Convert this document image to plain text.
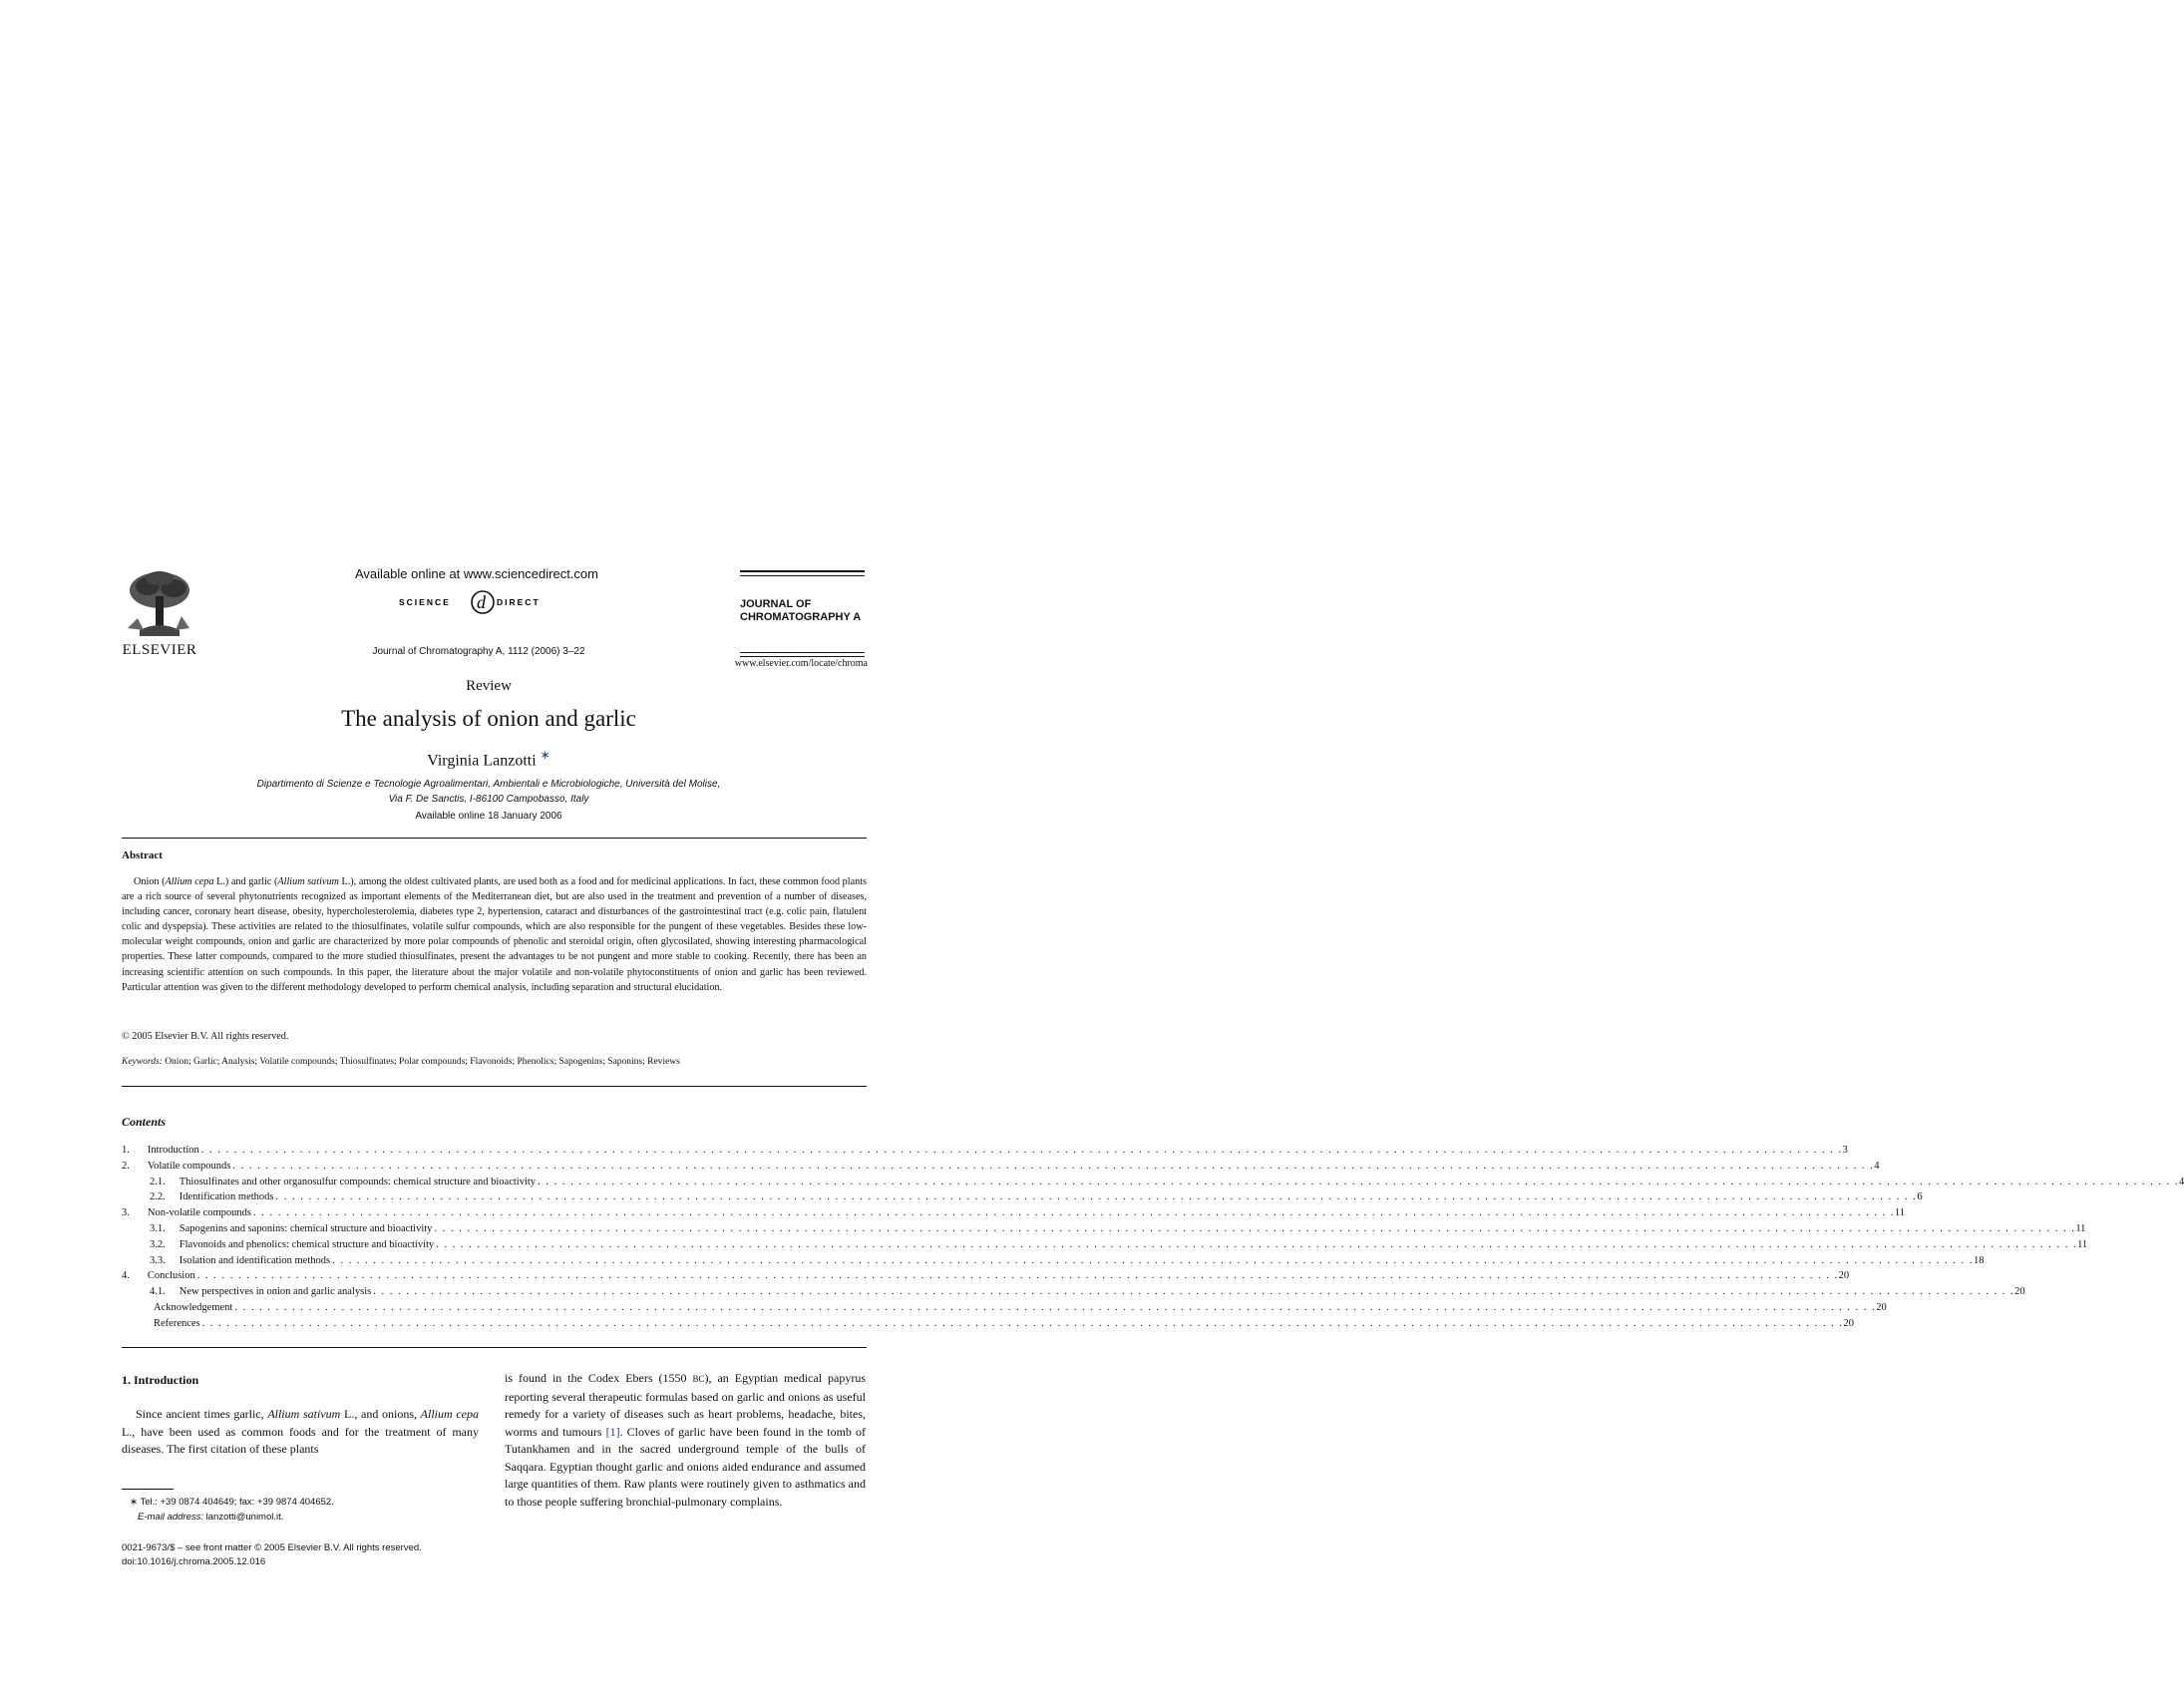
ELSEVIER
Available online at www.sciencedirect.com
SCIENCE d DIRECT
Journal of Chromatography A, 1112 (2006) 3–22
JOURNAL OF
CHROMATOGRAPHY A
www.elsevier.com/locate/chroma
Review
The analysis of onion and garlic
Virginia Lanzotti ∗
Dipartimento di Scienze e Tecnologie Agroalimentari, Ambientali e Microbiologiche, Università del Molise,
Via F. De Sanctis, I-86100 Campobasso, Italy
Available online 18 January 2006
Abstract
Onion (Allium cepa L.) and garlic (Allium sativum L.), among the oldest cultivated plants, are used both as a food and for medicinal applications. In fact, these common food plants are a rich source of several phytonutrients recognized as important elements of the Mediterranean diet, but are also used in the treatment and prevention of a number of diseases, including cancer, coronary heart disease, obesity, hypercholesterolemia, diabetes type 2, hypertension, cataract and disturbances of the gastrointestinal tract (e.g. colic pain, flatulent colic and dyspepsia). These activities are related to the thiosulfinates, volatile sulfur compounds, which are also responsible for the pungent of these vegetables. Besides these low-molecular weight compounds, onion and garlic are characterized by more polar compounds of phenolic and steroidal origin, often glycosilated, showing interesting pharmacological properties. These latter compounds, compared to the more studied thiosulfinates, present the advantages to be not pungent and more stable to cooking. Recently, there has been an increasing scientific attention on such compounds. In this paper, the literature about the major volatile and non-volatile phytoconstituents of onion and garlic has been reviewed. Particular attention was given to the different methodology developed to perform chemical analysis, including separation and structural elucidation.
© 2005 Elsevier B.V. All rights reserved.
Keywords: Onion; Garlic; Analysis; Volatile compounds; Thiosulfinates; Polar compounds; Flavonoids; Phenolics; Sapogenins; Saponins; Reviews
Contents
1.	Introduction . . . . . . . . . . . . . . . . . . . . . . . . . . . . . . . . . . . . . . . . . . . . . . . . . . . . . . . . . . . . . . . . . . . . . . . . . . . . . . . . . . . . . . . . . . . . . . . . . . . . . . . . . . . . . . . . . . . . . . . . . . . . . . . . . . . . . . . . . . . . . . . . . . . . . . . . . . . . . . . . . . . . . . . . . . . . . . . . . . . . . . . . . . . . . . . . . . . . . . . . 3
2.	Volatile compounds . . . . . . . . . . . . . . . . . . . . . . . . . . . . . . . . . . . . . . . . . . . . . . . . . . . . . . . . . . . . . . . . . . . . . . . . . . . . . . . . . . . . . . . . . . . . . . . . . . . . . . . . . . . . . . . . . . . . . . . . . . . . . . . . . . . . . . . . . . . . . . . . . . . . . . . . . . . . . . . . . . . . . . . . . . . . . . . . . . . . . . . . . . . . . . . . . . . . . . . . 4
2.1.	Thiosulfinates and other organosulfur compounds: chemical structure and bioactivity . . . . . . . . . . . . . . . . . . . . . . . . . . . . . . . . . . . . . . . . . . . . . . . . . . . . . . . . . . . . . . . . . . . . . . . . . . . . . . . . . . . . . . . . . . . . . . . . . . . . . . . . . . . . . . . . . . . . . . . . . . . . . . . . . . . . . . . . . . . . . . . . . . . . . . . . . . . . . . . . . . . . . . . . . . . . . . . . . . . . . . . . . . . . . . . . . . . . . . . . 4
2.2.	Identification methods . . . . . . . . . . . . . . . . . . . . . . . . . . . . . . . . . . . . . . . . . . . . . . . . . . . . . . . . . . . . . . . . . . . . . . . . . . . . . . . . . . . . . . . . . . . . . . . . . . . . . . . . . . . . . . . . . . . . . . . . . . . . . . . . . . . . . . . . . . . . . . . . . . . . . . . . . . . . . . . . . . . . . . . . . . . . . . . . . . . . . . . . . . . . . . . . . . . . . . . . 6
3.	Non-volatile compounds . . . . . . . . . . . . . . . . . . . . . . . . . . . . . . . . . . . . . . . . . . . . . . . . . . . . . . . . . . . . . . . . . . . . . . . . . . . . . . . . . . . . . . . . . . . . . . . . . . . . . . . . . . . . . . . . . . . . . . . . . . . . . . . . . . . . . . . . . . . . . . . . . . . . . . . . . . . . . . . . . . . . . . . . . . . . . . . . . . . . . . . . . . . . . . . . . . . . . . . . 11
3.1.	Sapogenins and saponins: chemical structure and bioactivity . . . . . . . . . . . . . . . . . . . . . . . . . . . . . . . . . . . . . . . . . . . . . . . . . . . . . . . . . . . . . . . . . . . . . . . . . . . . . . . . . . . . . . . . . . . . . . . . . . . . . . . . . . . . . . . . . . . . . . . . . . . . . . . . . . . . . . . . . . . . . . . . . . . . . . . . . . . . . . . . . . . . . . . . . . . . . . . . . . . . . . . . . . . . . . . . . . . . . . . . 11
3.2.	Flavonoids and phenolics: chemical structure and bioactivity . . . . . . . . . . . . . . . . . . . . . . . . . . . . . . . . . . . . . . . . . . . . . . . . . . . . . . . . . . . . . . . . . . . . . . . . . . . . . . . . . . . . . . . . . . . . . . . . . . . . . . . . . . . . . . . . . . . . . . . . . . . . . . . . . . . . . . . . . . . . . . . . . . . . . . . . . . . . . . . . . . . . . . . . . . . . . . . . . . . . . . . . . . . . . . . . . . . . . . . . 11
3.3.	Isolation and identification methods . . . . . . . . . . . . . . . . . . . . . . . . . . . . . . . . . . . . . . . . . . . . . . . . . . . . . . . . . . . . . . . . . . . . . . . . . . . . . . . . . . . . . . . . . . . . . . . . . . . . . . . . . . . . . . . . . . . . . . . . . . . . . . . . . . . . . . . . . . . . . . . . . . . . . . . . . . . . . . . . . . . . . . . . . . . . . . . . . . . . . . . . . . . . . . . . . . . . . . . . 18
4.	Conclusion . . . . . . . . . . . . . . . . . . . . . . . . . . . . . . . . . . . . . . . . . . . . . . . . . . . . . . . . . . . . . . . . . . . . . . . . . . . . . . . . . . . . . . . . . . . . . . . . . . . . . . . . . . . . . . . . . . . . . . . . . . . . . . . . . . . . . . . . . . . . . . . . . . . . . . . . . . . . . . . . . . . . . . . . . . . . . . . . . . . . . . . . . . . . . . . . . . . . . . . . 20
4.1.	New perspectives in onion and garlic analysis . . . . . . . . . . . . . . . . . . . . . . . . . . . . . . . . . . . . . . . . . . . . . . . . . . . . . . . . . . . . . . . . . . . . . . . . . . . . . . . . . . . . . . . . . . . . . . . . . . . . . . . . . . . . . . . . . . . . . . . . . . . . . . . . . . . . . . . . . . . . . . . . . . . . . . . . . . . . . . . . . . . . . . . . . . . . . . . . . . . . . . . . . . . . . . . . . . . . . . . . 20
Acknowledgement . . . . . . . . . . . . . . . . . . . . . . . . . . . . . . . . . . . . . . . . . . . . . . . . . . . . . . . . . . . . . . . . . . . . . . . . . . . . . . . . . . . . . . . . . . . . . . . . . . . . . . . . . . . . . . . . . . . . . . . . . . . . . . . . . . . . . . . . . . . . . . . . . . . . . . . . . . . . . . . . . . . . . . . . . . . . . . . . . . . . . . . . . . . . . . . . . . . . . . . . 20
References . . . . . . . . . . . . . . . . . . . . . . . . . . . . . . . . . . . . . . . . . . . . . . . . . . . . . . . . . . . . . . . . . . . . . . . . . . . . . . . . . . . . . . . . . . . . . . . . . . . . . . . . . . . . . . . . . . . . . . . . . . . . . . . . . . . . . . . . . . . . . . . . . . . . . . . . . . . . . . . . . . . . . . . . . . . . . . . . . . . . . . . . . . . . . . . . . . . . . . . . 20
1. Introduction
Since ancient times garlic, Allium sativum L., and onions, Allium cepa L., have been used as common foods and for the treatment of many diseases. The first citation of these plants
is found in the Codex Ebers (1550 BC), an Egyptian medical papyrus reporting several therapeutic formulas based on garlic and onions as useful remedy for a variety of diseases such as heart problems, headache, bites, worms and tumours [1]. Cloves of garlic have been found in the tomb of Tutankhamen and in the sacred underground temple of the bulls of Saqqara. Egyptian thought garlic and onions aided endurance and assumed large quantities of them. Raw plants were routinely given to asthmatics and to those people suffering bronchial-pulmonary complains.
∗ Tel.: +39 0874 404649; fax: +39 9874 404652.
E-mail address: lanzotti@unimol.it.
0021-9673/$ – see front matter © 2005 Elsevier B.V. All rights reserved.
doi:10.1016/j.chroma.2005.12.016
